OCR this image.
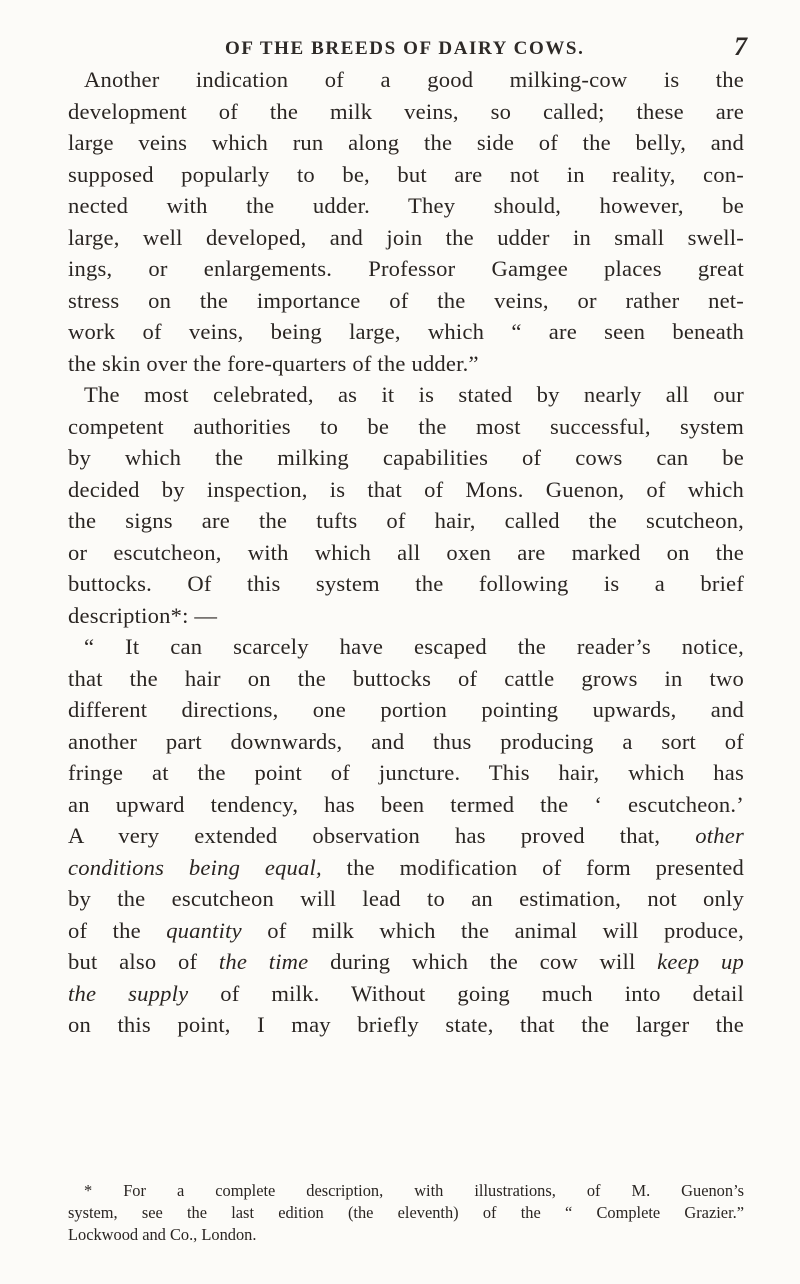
OF THE BREEDS OF DAIRY COWS.	7
Another indication of a good milking-cow is the
development of the milk veins, so called; these are
large veins which run along the side of the belly, and
supposed popularly to be, but are not in reality, con-
nected with the udder. They should, however, be
large, well developed, and join the udder in small swell-
ings, or enlargements. Professor Gamgee places great
stress on the importance of the veins, or rather net-
work of veins, being large, which “ are seen beneath
the skin over the fore-quarters of the udder.”
The most celebrated, as it is stated by nearly all our
competent authorities to be the most successful, system
by which the milking capabilities of cows can be
decided by inspection, is that of Mons. Guenon, of which
the signs are the tufts of hair, called the scutcheon,
or escutcheon, with which all oxen are marked on the
buttocks. Of this system the following is a brief
description*: —
“ It can scarcely have escaped the reader’s notice,
that the hair on the buttocks of cattle grows in two
different directions, one portion pointing upwards, and
another part downwards, and thus producing a sort of
fringe at the point of juncture. This hair, which has
an upward tendency, has been termed the ‘ escutcheon.’
A very extended observation has proved that, other
conditions being equal, the modification of form presented
by the escutcheon will lead to an estimation, not only
of the quantity of milk which the animal will produce,
but also of the time during which the cow will keep up
the supply of milk. Without going much into detail
on this point, I may briefly state, that the larger the
* For a complete description, with illustrations, of M. Guenon’s
system, see the last edition (the eleventh) of the “ Complete Grazier.”
Lockwood and Co., London.
